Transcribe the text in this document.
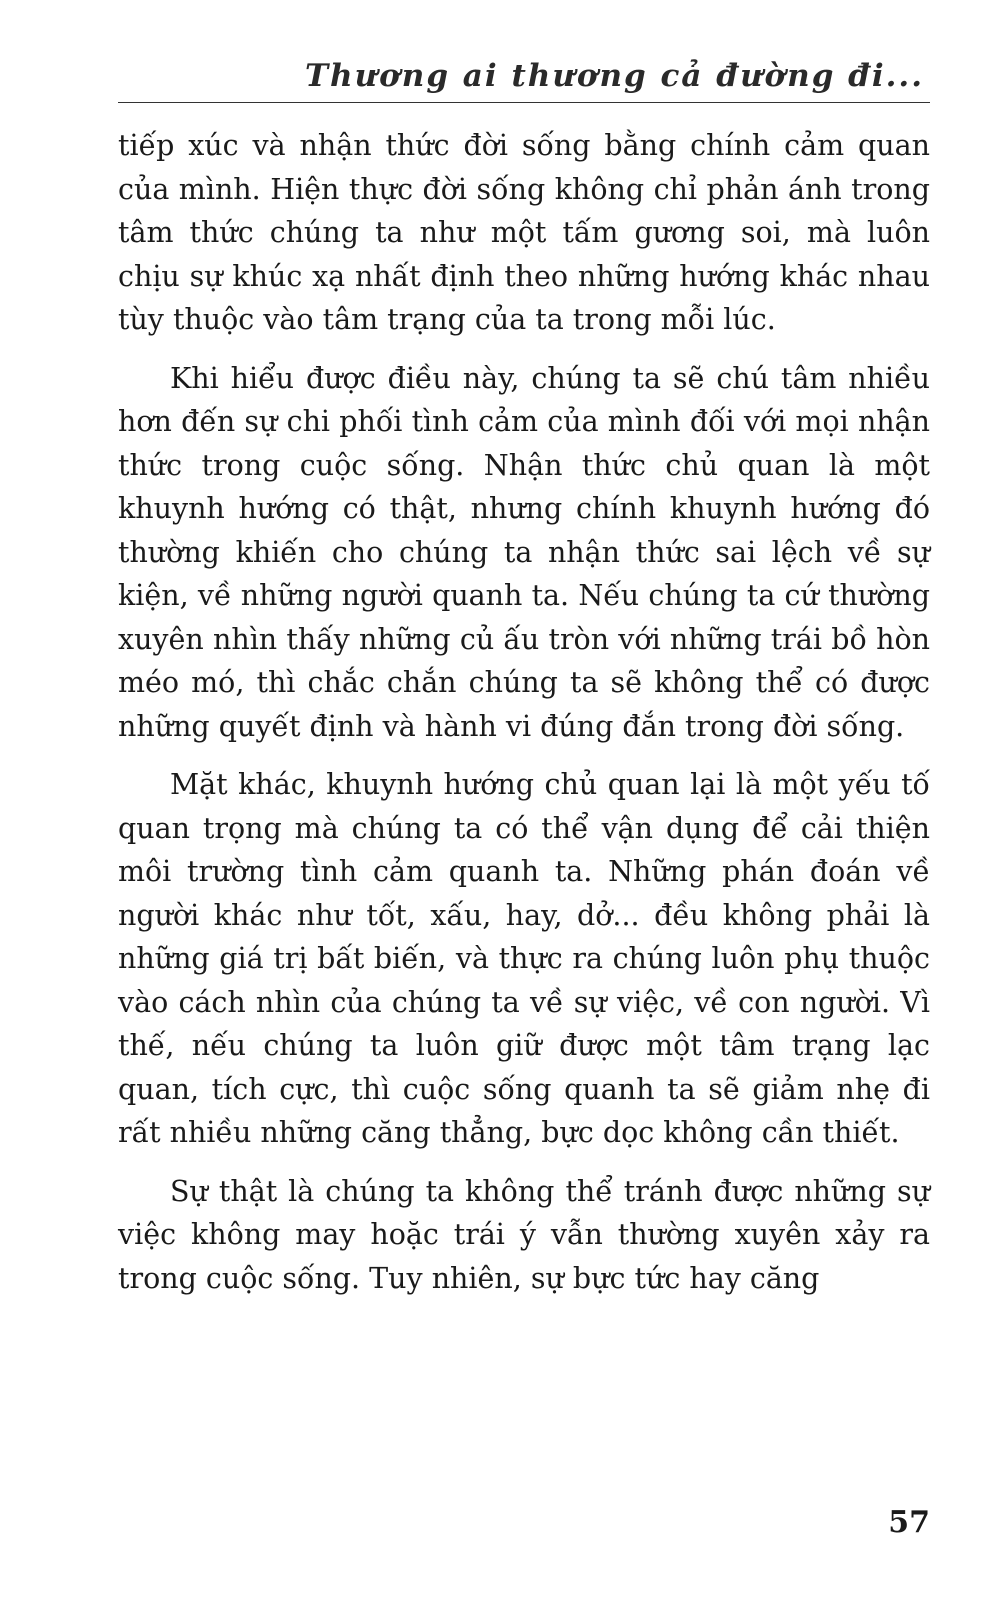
Thương ai thương cả đường đi...

tiếp xúc và nhận thức đời sống bằng chính cảm quan của mình. Hiện thực đời sống không chỉ phản ánh trong tâm thức chúng ta như một tấm gương soi, mà luôn chịu sự khúc xạ nhất định theo những hướng khác nhau tùy thuộc vào tâm trạng của ta trong mỗi lúc.

Khi hiểu được điều này, chúng ta sẽ chú tâm nhiều hơn đến sự chi phối tình cảm của mình đối với mọi nhận thức trong cuộc sống. Nhận thức chủ quan là một khuynh hướng có thật, nhưng chính khuynh hướng đó thường khiến cho chúng ta nhận thức sai lệch về sự kiện, về những người quanh ta. Nếu chúng ta cứ thường xuyên nhìn thấy những củ ấu tròn với những trái bồ hòn méo mó, thì chắc chắn chúng ta sẽ không thể có được những quyết định và hành vi đúng đắn trong đời sống.

Mặt khác, khuynh hướng chủ quan lại là một yếu tố quan trọng mà chúng ta có thể vận dụng để cải thiện môi trường tình cảm quanh ta. Những phán đoán về người khác như tốt, xấu, hay, dở... đều không phải là những giá trị bất biến, và thực ra chúng luôn phụ thuộc vào cách nhìn của chúng ta về sự việc, về con người. Vì thế, nếu chúng ta luôn giữ được một tâm trạng lạc quan, tích cực, thì cuộc sống quanh ta sẽ giảm nhẹ đi rất nhiều những căng thẳng, bực dọc không cần thiết.

Sự thật là chúng ta không thể tránh được những sự việc không may hoặc trái ý vẫn thường xuyên xảy ra trong cuộc sống. Tuy nhiên, sự bực tức hay căng

57
